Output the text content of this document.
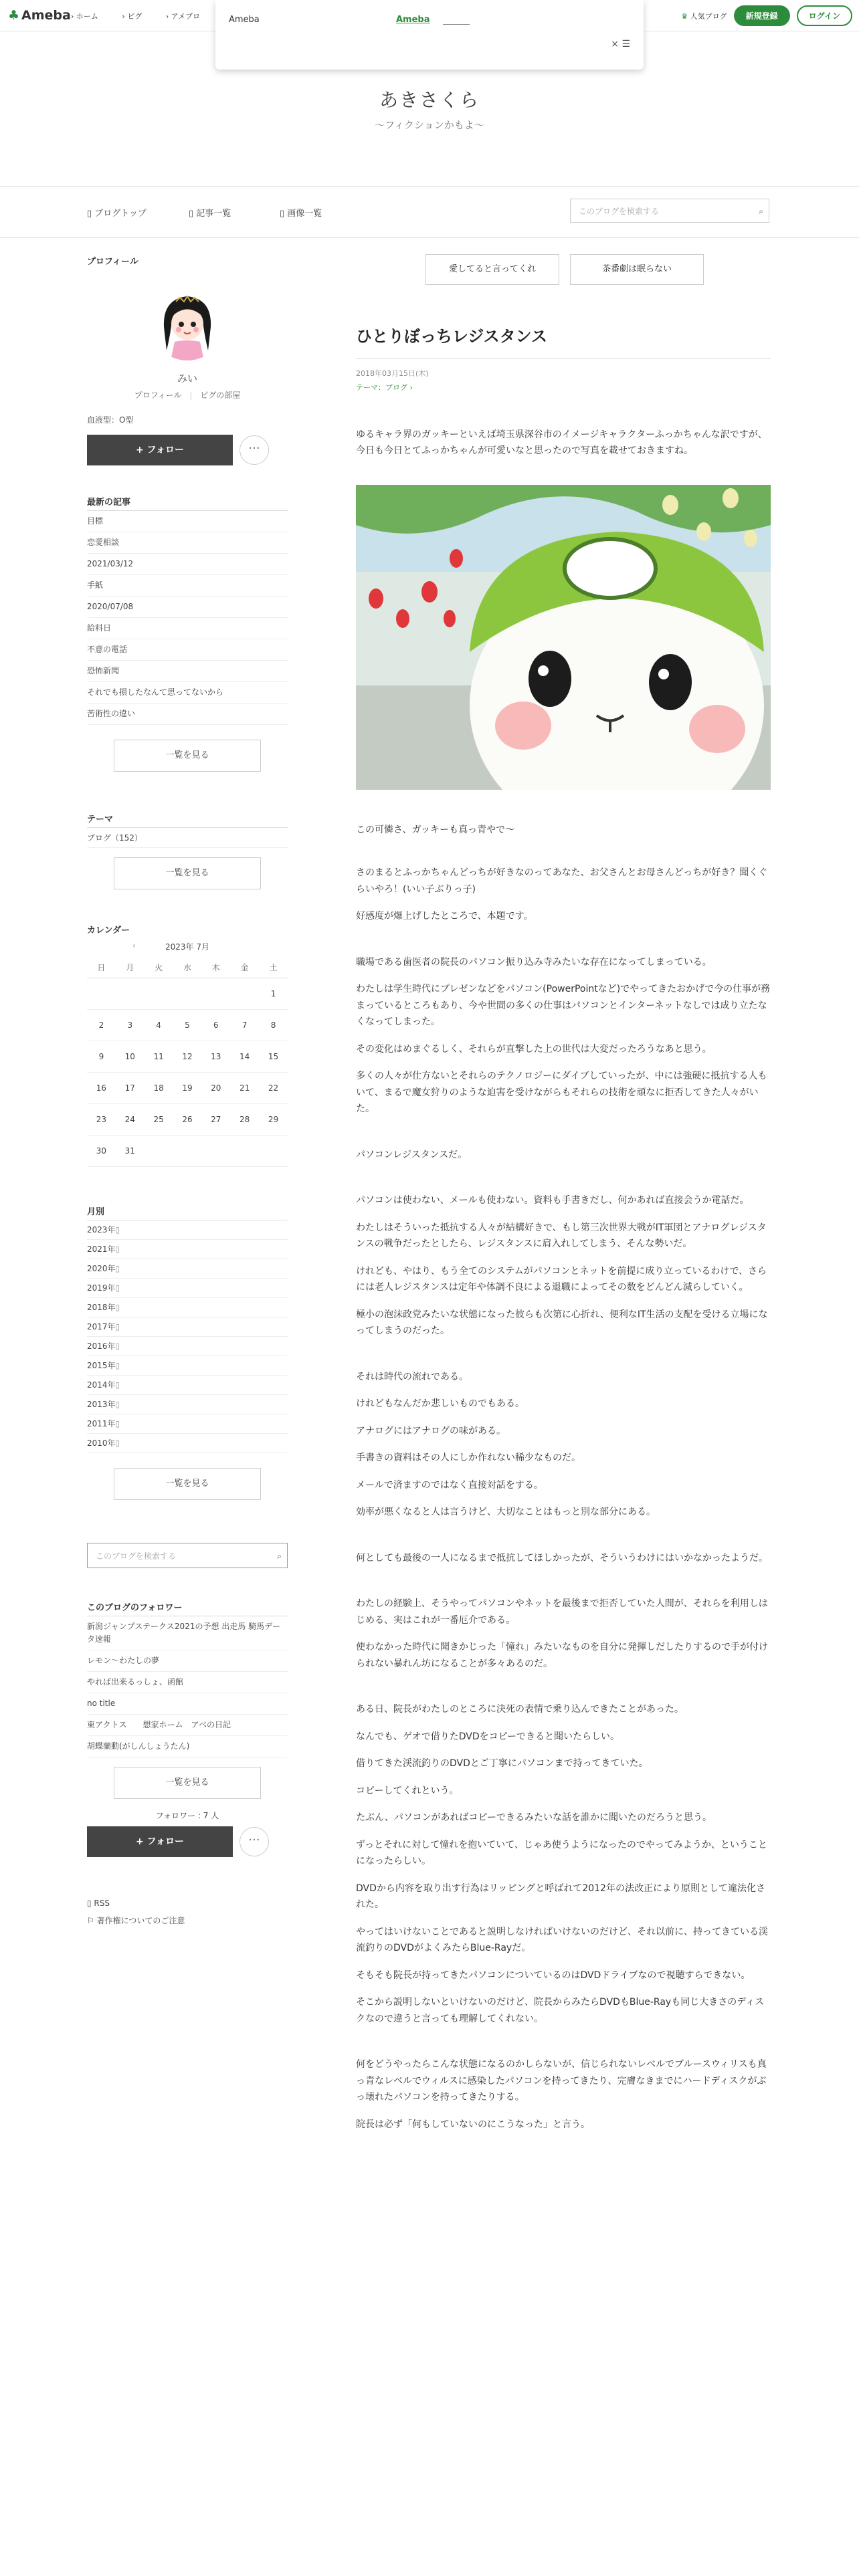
♣ Ameba › ホーム	› ピグ	› アメブロ	♛ 人気ブログ	新規登録	ログイン
Ameba	Ameba
× ☰
あきさくら
〜フィクションかもよ〜
▯ ブログトップ	▯ 記事一覧	▯ 画像一覧	このブログを検索する	⌕
プロフィール
みい
プロフィール | ピグの部屋
血液型：O型
+ フォロー	···
最新の記事
目標
恋愛相談
2021/03/12
手紙
2020/07/08
給料日
不意の電話
恐怖新聞
それでも損したなんて思ってないから
苦術性の違い
一覧を見る
テーマ
ブログ（152）
一覧を見る
カレンダー
‹	2023年 7月
日	月	火	水	木	金	土
						1
2	3	4	5	6	7	8
9	10	11	12	13	14	15
16	17	18	19	20	21	22
23	24	25	26	27	28	29
30	31					
月別
2023年▯
2021年▯
2020年▯
2019年▯
2018年▯
2017年▯
2016年▯
2015年▯
2014年▯
2013年▯
2011年▯
2010年▯
一覧を見る
このブログを検索する	⌕
このブログのフォロワー
新潟ジャンプステークス2021の予想 出走馬 騎馬データ速報
レモン〜わたしの夢
やれば出来るっしょ、函館
no title
東アクトス　　想家ホーム　アベの日記
胡蝶蘭動(がしんしょうたん)
一覧を見る
フォロワー : 7 人
+ フォロー	···
▯ RSS
⚐ 著作権についてのご注意
愛してると言ってくれ	茶番劇は眠らない
ひとりぼっちレジスタンス
2018年03月15日(木)
テーマ：ブログ ›

ゆるキャラ界のガッキーといえば埼玉県深谷市のイメージキャラクターふっかちゃんな訳ですが、今日も今日とてふっかちゃんが可愛いなと思ったので写真を載せておきますね。

この可憐さ、ガッキーも真っ青やで〜

さのまるとふっかちゃんどっちが好きなのってあなた、お父さんとお母さんどっちが好き？聞くぐらいやろ！(いい子ぶりっ子)

好感度が爆上げしたところで、本題です。

職場である歯医者の院長のパソコン振り込み寺みたいな存在になってしまっている。

わたしは学生時代にプレゼンなどをパソコン(PowerPointなど)でやってきたおかげで今の仕事が務まっているところもあり、今や世間の多くの仕事はパソコンとインターネットなしでは成り立たなくなってしまった。

その変化はめまぐるしく、それらが直撃した上の世代は大変だったろうなあと思う。

多くの人々が仕方ないとそれらのテクノロジーにダイブしていったが、中には強硬に抵抗する人もいて、まるで魔女狩りのような迫害を受けながらもそれらの技術を頑なに拒否してきた人々がいた。

パソコンレジスタンスだ。

パソコンは使わない、メールも使わない。資料も手書きだし、何かあれば直接会うか電話だ。

わたしはそういった抵抗する人々が結構好きで、もし第三次世界大戦がIT軍団とアナログレジスタンスの戦争だったとしたら、レジスタンスに肩入れしてしまう、そんな勢いだ。

けれども、やはり、もう全てのシステムがパソコンとネットを前提に成り立っているわけで、さらには老人レジスタンスは定年や体調不良による退職によってその数をどんどん減らしていく。

極小の泡沫政党みたいな状態になった彼らも次第に心折れ、便利なIT生活の支配を受ける立場になってしまうのだった。

それは時代の流れである。

けれどもなんだか悲しいものでもある。

アナログにはアナログの味がある。

手書きの資料はその人にしか作れない稀少なものだ。

メールで済ますのではなく直接対話をする。

効率が悪くなると人は言うけど、大切なことはもっと別な部分にある。

何としても最後の一人になるまで抵抗してほしかったが、そういうわけにはいかなかったようだ。

わたしの経験上、そうやってパソコンやネットを最後まで拒否していた人間が、それらを利用しはじめる、実はこれが一番厄介である。

使わなかった時代に聞きかじった「憧れ」みたいなものを自分に発揮しだしたりするので手が付けられない暴れん坊になることが多々あるのだ。

ある日、院長がわたしのところに決死の表情で乗り込んできたことがあった。

なんでも、ゲオで借りたDVDをコピーできると聞いたらしい。

借りてきた渓流釣りのDVDとご丁寧にパソコンまで持ってきていた。

コピーしてくれという。

たぶん、パソコンがあればコピーできるみたいな話を誰かに聞いたのだろうと思う。

ずっとそれに対して憧れを抱いていて、じゃあ使うようになったのでやってみようか、ということになったらしい。

DVDから内容を取り出す行為はリッピングと呼ばれて2012年の法改正により原則として違法化された。

やってはいけないことであると説明しなければいけないのだけど、それ以前に、持ってきている渓流釣りのDVDがよくみたらBlue-Rayだ。

そもそも院長が持ってきたパソコンについているのはDVDドライブなので視聴すらできない。

そこから説明しないといけないのだけど、院長からみたらDVDもBlue-Rayも同じ大きさのディスクなので違うと言っても理解してくれない。

何をどうやったらこんな状態になるのかしらないが、信じられないレベルでブルースウィリスも真っ青なレベルでウィルスに感染したパソコンを持ってきたり、完膚なきまでにハードディスクがぶっ壊れたパソコンを持ってきたりする。

院長は必ず「何もしていないのにこうなった」と言う。
